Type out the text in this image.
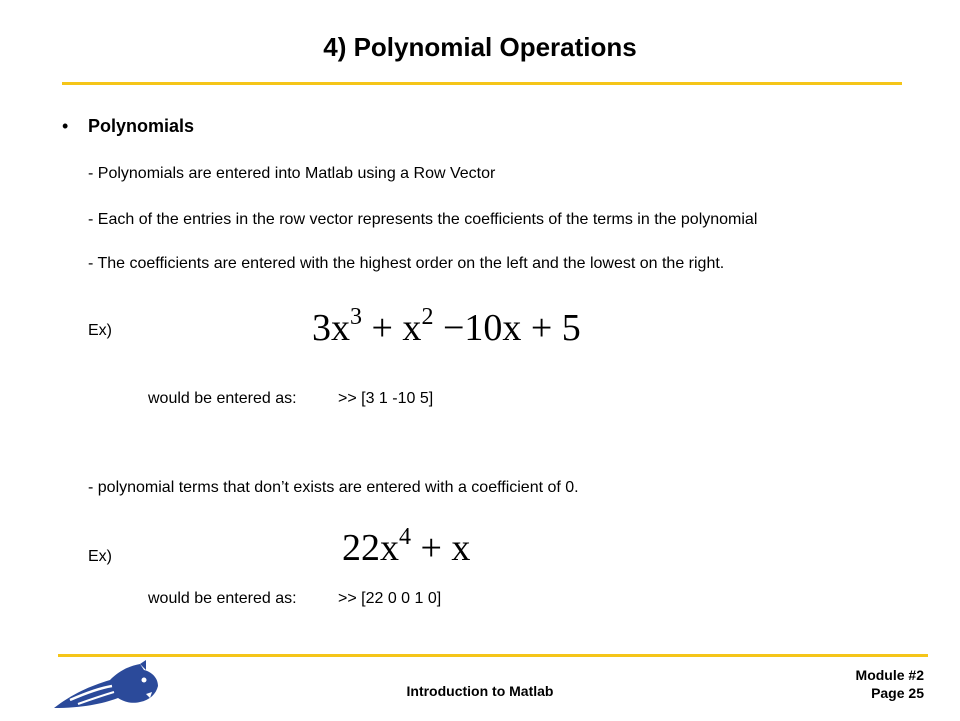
4) Polynomial Operations
• Polynomials
- Polynomials are entered into Matlab using a Row Vector
- Each of the entries in the row vector represents the coefficients of the terms in the polynomial
- The coefficients are entered with the highest order on the left and the lowest on the right.
Ex)	$3x^3 + x^2 -10x + 5$
would be entered as:	>> [3 1 -10 5]
- polynomial terms that don’t exists are entered with a coefficient of 0.
Ex)	$22x^4 + x$
would be entered as:	>> [22 0 0 1 0]
Introduction to Matlab
Module #2
Page 25
